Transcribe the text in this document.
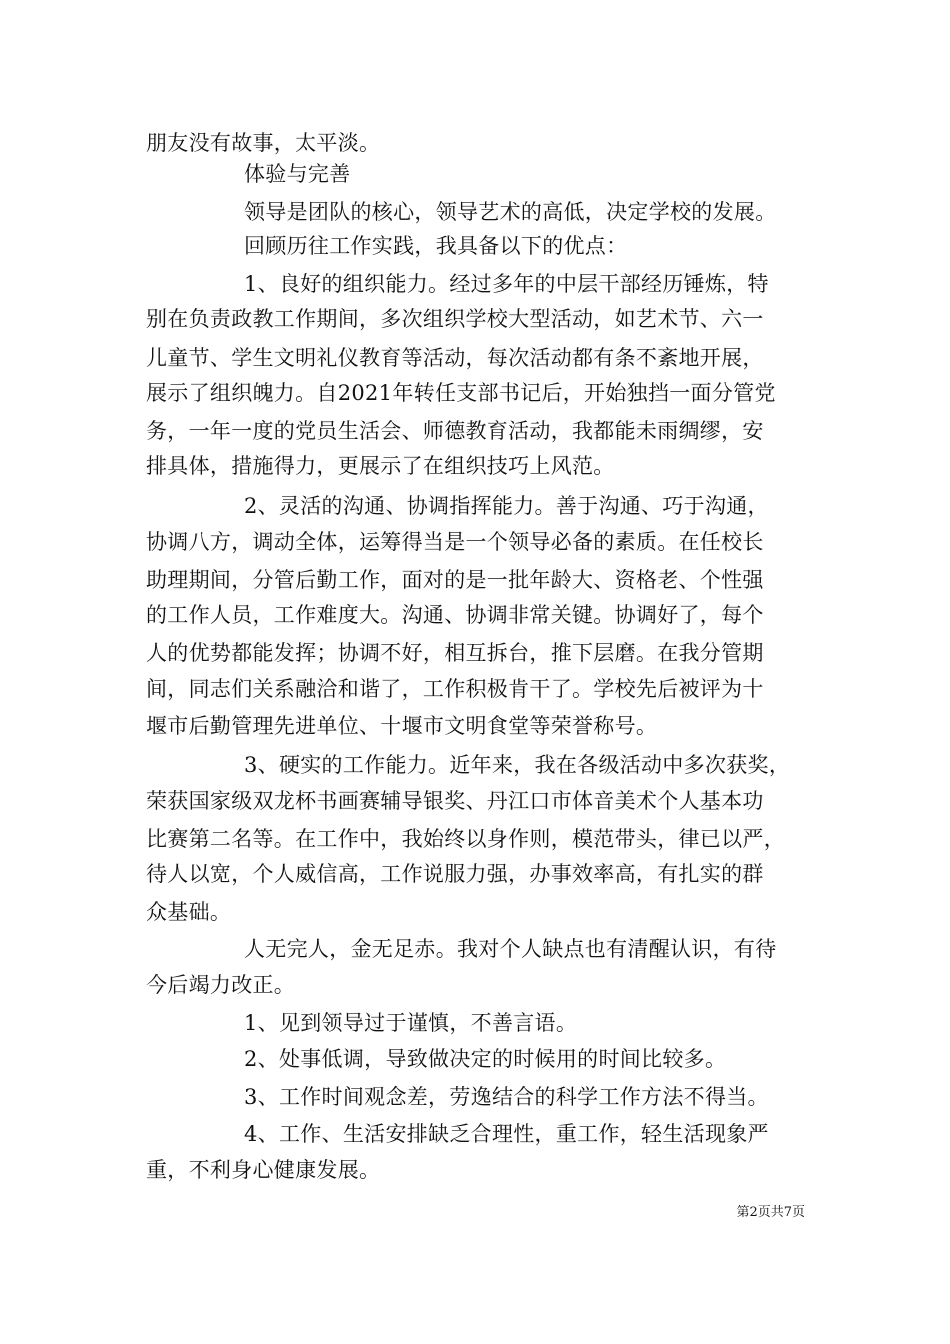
朋友没有故事，太平淡。
体验与完善
领导是团队的核心，领导艺术的高低，决定学校的发展。
回顾历往工作实践，我具备以下的优点：
1、良好的组织能力。经过多年的中层干部经历锤炼，特
别在负责政教工作期间，多次组织学校大型活动，如艺术节、六一
儿童节、学生文明礼仪教育等活动，每次活动都有条不紊地开展，
展示了组织魄力。自2021年转任支部书记后，开始独挡一面分管党
务，一年一度的党员生活会、师德教育活动，我都能未雨绸缪，安
排具体，措施得力，更展示了在组织技巧上风范。
2、灵活的沟通、协调指挥能力。善于沟通、巧于沟通，
协调八方，调动全体，运筹得当是一个领导必备的素质。在任校长
助理期间，分管后勤工作，面对的是一批年龄大、资格老、个性强
的工作人员，工作难度大。沟通、协调非常关键。协调好了，每个
人的优势都能发挥；协调不好，相互拆台，推下层磨。在我分管期
间，同志们关系融洽和谐了，工作积极肯干了。学校先后被评为十
堰市后勤管理先进单位、十堰市文明食堂等荣誉称号。
3、硬实的工作能力。近年来，我在各级活动中多次获奖，
荣获国家级双龙杯书画赛辅导银奖、丹江口市体音美术个人基本功
比赛第二名等。在工作中，我始终以身作则，模范带头，律已以严，
待人以宽，个人威信高，工作说服力强，办事效率高，有扎实的群
众基础。
人无完人，金无足赤。我对个人缺点也有清醒认识，有待
今后竭力改正。
1、见到领导过于谨慎，不善言语。
2、处事低调，导致做决定的时候用的时间比较多。
3、工作时间观念差，劳逸结合的科学工作方法不得当。
4、工作、生活安排缺乏合理性，重工作，轻生活现象严
重，不利身心健康发展。
第2页共7页
